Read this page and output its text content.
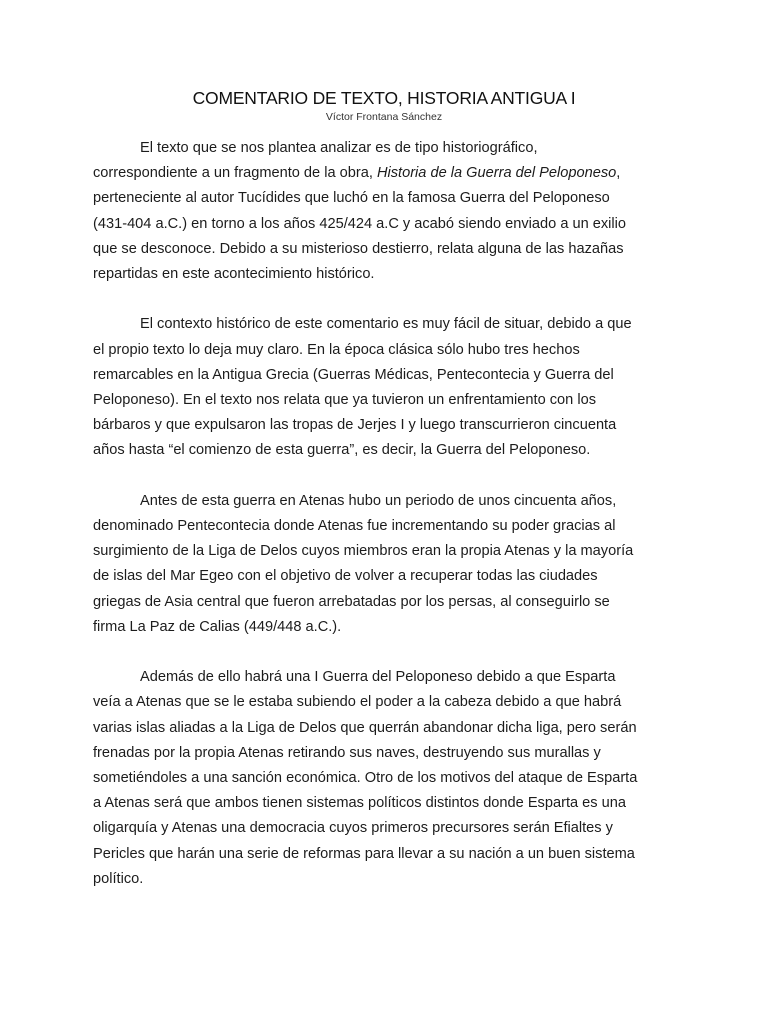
COMENTARIO DE TEXTO, HISTORIA ANTIGUA I
Víctor Frontana Sánchez

El texto que se nos plantea analizar es de tipo historiográfico,
correspondiente a un fragmento de la obra, Historia de la Guerra del Peloponeso,
perteneciente al autor Tucídides que luchó en la famosa Guerra del Peloponeso
(431-404 a.C.) en torno a los años 425/424 a.C y acabó siendo enviado a un exilio
que se desconoce. Debido a su misterioso destierro, relata alguna de las hazañas
repartidas en este acontecimiento histórico.

El contexto histórico de este comentario es muy fácil de situar, debido a que
el propio texto lo deja muy claro. En la época clásica sólo hubo tres hechos
remarcables en la Antigua Grecia (Guerras Médicas, Pentecontecia y Guerra del
Peloponeso). En el texto nos relata que ya tuvieron un enfrentamiento con los
bárbaros y que expulsaron las tropas de Jerjes I y luego transcurrieron cincuenta
años hasta “el comienzo de esta guerra”, es decir, la Guerra del Peloponeso.

Antes de esta guerra en Atenas hubo un periodo de unos cincuenta años,
denominado Pentecontecia donde Atenas fue incrementando su poder gracias al
surgimiento de la Liga de Delos cuyos miembros eran la propia Atenas y la mayoría
de islas del Mar Egeo con el objetivo de volver a recuperar todas las ciudades
griegas de Asia central que fueron arrebatadas por los persas, al conseguirlo se
firma La Paz de Calias (449/448 a.C.).

Además de ello habrá una I Guerra del Peloponeso debido a que Esparta
veía a Atenas que se le estaba subiendo el poder a la cabeza debido a que habrá
varias islas aliadas a la Liga de Delos que querrán abandonar dicha liga, pero serán
frenadas por la propia Atenas retirando sus naves, destruyendo sus murallas y
sometiéndoles a una sanción económica. Otro de los motivos del ataque de Esparta
a Atenas será que ambos tienen sistemas políticos distintos donde Esparta es una
oligarquía y Atenas una democracia cuyos primeros precursores serán Efialtes y
Pericles que harán una serie de reformas para llevar a su nación a un buen sistema
político.
